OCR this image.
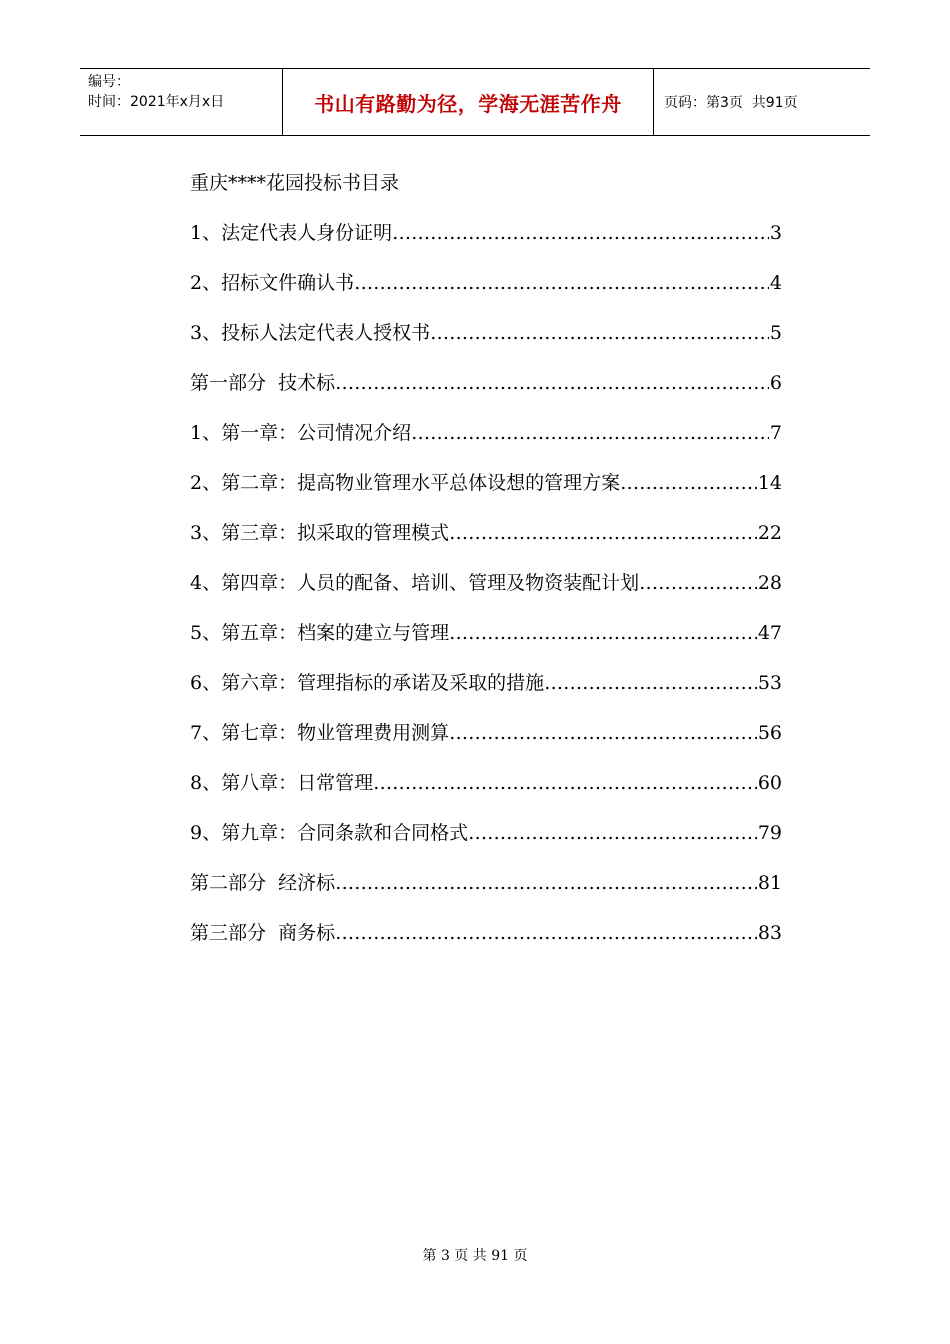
编号：
时间：2021年x月x日	书山有路勤为径，学海无涯苦作舟	页码：第3页  共91页
重庆****花园投标书目录
1、法定代表人身份证明 …………………………………………………………………………………………………………………………………………	3
2、招标文件确认书 …………………………………………………………………………………………………………………………………………	4
3、投标人法定代表人授权书 …………………………………………………………………………………………………………………………………………	5
第一部分  技术标 …………………………………………………………………………………………………………………………………………	6
1、第一章：公司情况介绍 …………………………………………………………………………………………………………………………………………	7
2、第二章：提高物业管理水平总体设想的管理方案 …………………………………………………………………………………………………………………………………………	14
3、第三章：拟采取的管理模式 …………………………………………………………………………………………………………………………………………	22
4、第四章：人员的配备、培训、管理及物资装配计划 …………………………………………………………………………………………………………………………………………	28
5、第五章：档案的建立与管理 …………………………………………………………………………………………………………………………………………	47
6、第六章：管理指标的承诺及采取的措施 …………………………………………………………………………………………………………………………………………	53
7、第七章：物业管理费用测算 …………………………………………………………………………………………………………………………………………	56
8、第八章：日常管理 …………………………………………………………………………………………………………………………………………	60
9、第九章：合同条款和合同格式 …………………………………………………………………………………………………………………………………………	79
第二部分  经济标 …………………………………………………………………………………………………………………………………………	81
第三部分  商务标 …………………………………………………………………………………………………………………………………………	83
第 3 页 共 91 页
